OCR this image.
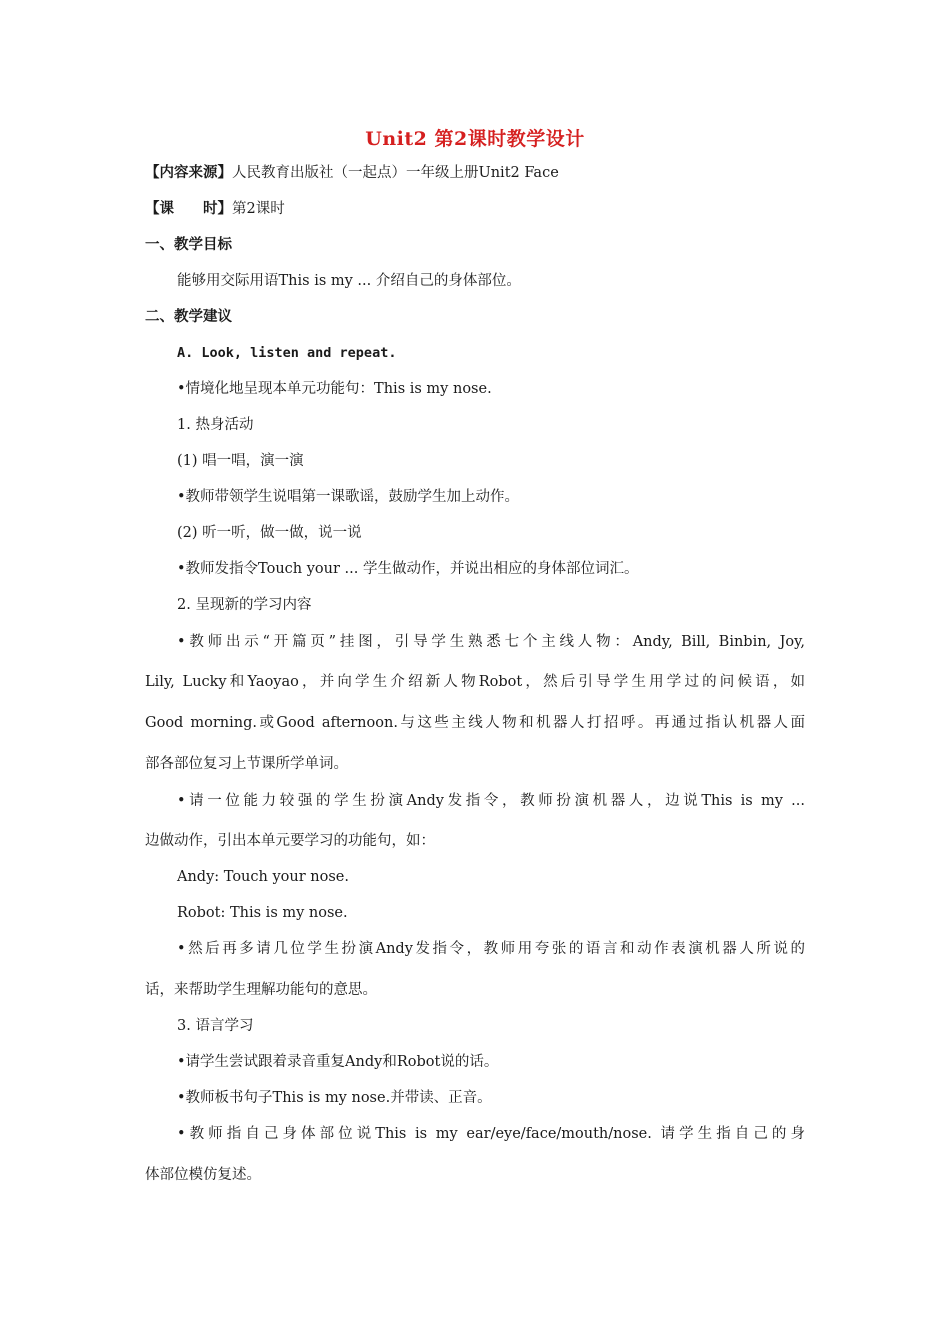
Unit2 第2课时教学设计
【内容来源】人民教育出版社（一起点）一年级上册Unit2 Face
【课　　时】第2课时
一、教学目标
能够用交际用语This is my ... 介绍自己的身体部位。
二、教学建议
A. Look, listen and repeat.
•情境化地呈现本单元功能句：This is my nose.
1. 热身活动
(1) 唱一唱，演一演
•教师带领学生说唱第一课歌谣，鼓励学生加上动作。
(2) 听一听，做一做，说一说
•教师发指令Touch your ... 学生做动作，并说出相应的身体部位词汇。
2. 呈现新的学习内容
•教师出示“开篇页”挂图，引导学生熟悉七个主线人物：Andy, Bill, Binbin, Joy,
Lily, Lucky和Yaoyao，并向学生介绍新人物Robot，然后引导学生用学过的问候语，如
Good morning.或Good afternoon.与这些主线人物和机器人打招呼。再通过指认机器人面
部各部位复习上节课所学单词。
•请一位能力较强的学生扮演Andy发指令，教师扮演机器人，边说This is my ...
边做动作，引出本单元要学习的功能句，如：
Andy: Touch your nose.
Robot: This is my nose.
•然后再多请几位学生扮演Andy发指令，教师用夸张的语言和动作表演机器人所说的
话，来帮助学生理解功能句的意思。
3. 语言学习
•请学生尝试跟着录音重复Andy和Robot说的话。
•教师板书句子This is my nose.并带读、正音。
•教师指自己身体部位说This is my ear/eye/face/mouth/nose. 请学生指自己的身
体部位模仿复述。
